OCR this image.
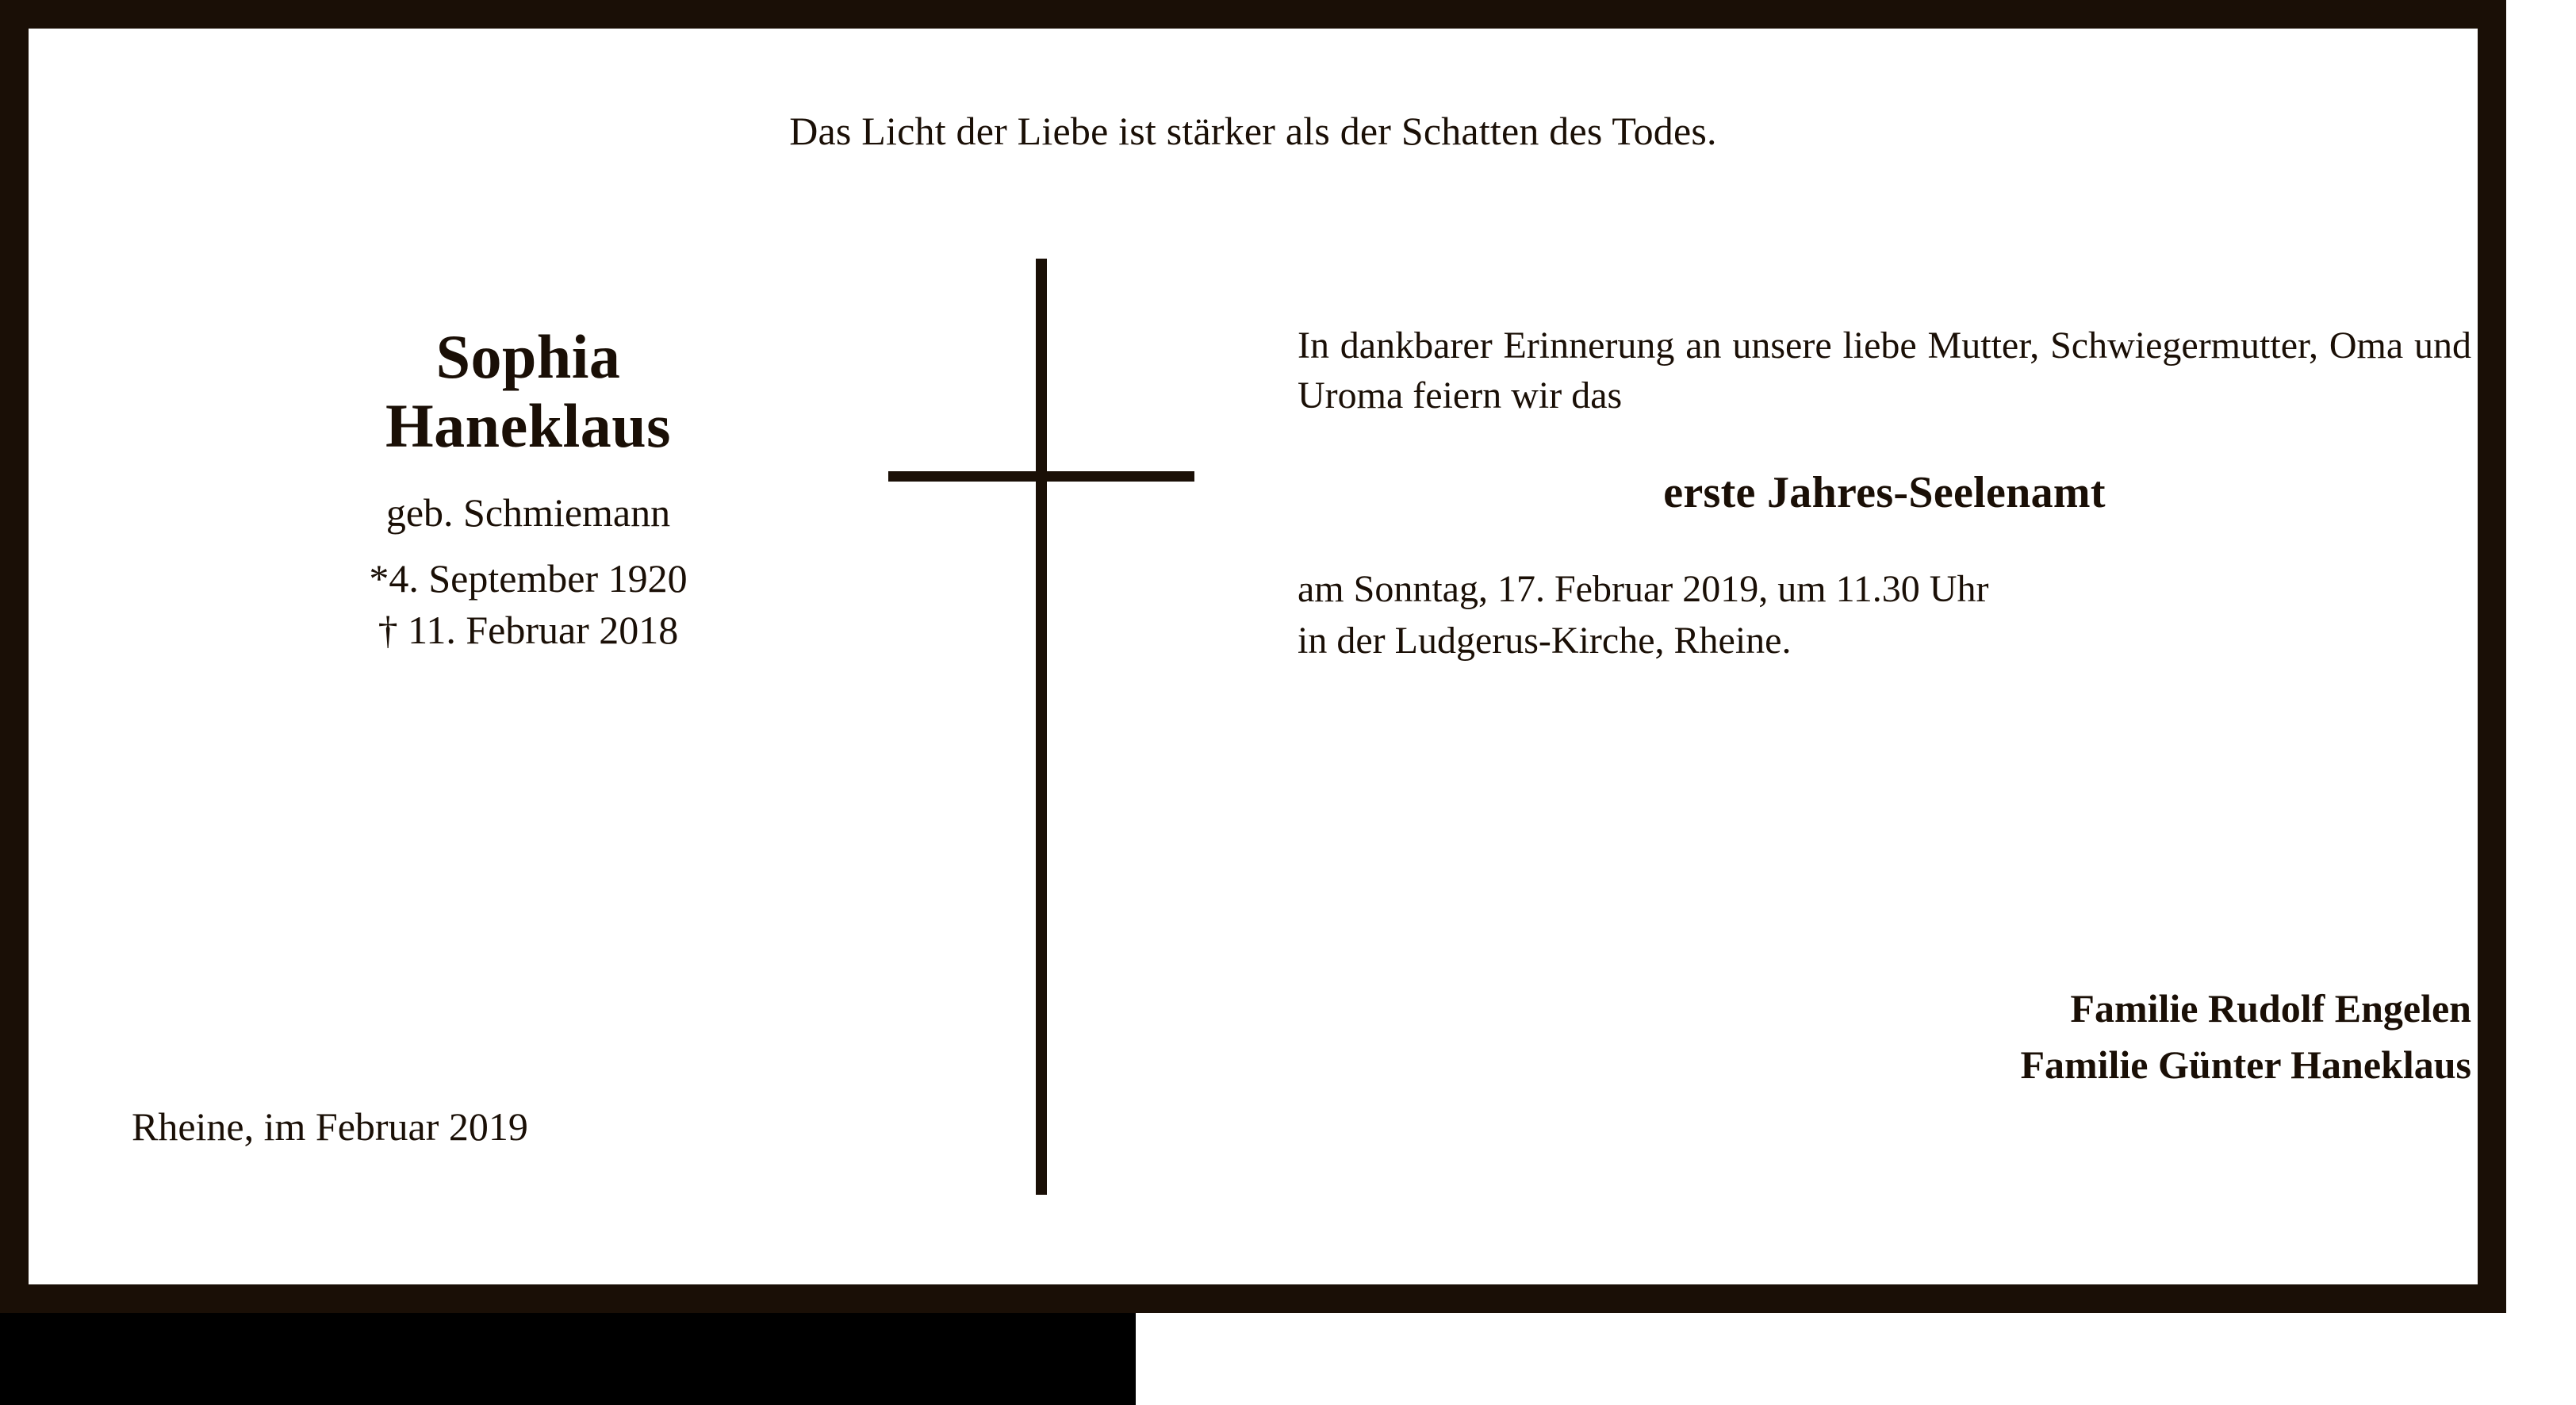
Das Licht der Liebe ist stärker als der Schatten des Todes.
Sophia
Haneklaus
geb. Schmiemann
*4. September 1920
† 11. Februar 2018
Rheine, im Februar 2019
In dankbarer Erinnerung an unsere liebe Mutter, Schwiegermutter, Oma und Uroma feiern wir das
erste Jahres-Seelenamt
am Sonntag, 17. Februar 2019, um 11.30 Uhr
in der Ludgerus-Kirche, Rheine.
Familie Rudolf Engelen
Familie Günter Haneklaus
